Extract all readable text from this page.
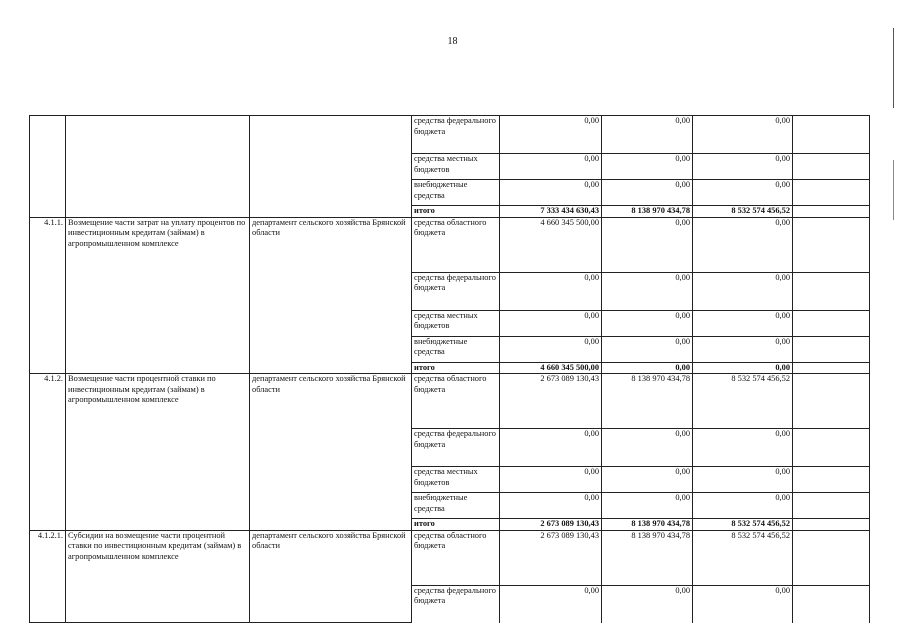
18
			средства федерального бюджета	0,00	0,00	0,00	
			средства местных бюджетов	0,00	0,00	0,00	
			внебюджетные средства	0,00	0,00	0,00	
			итого	7 333 434 630,43	8 138 970 434,78	8 532 574 456,52	
4.1.1.	Возмещение части затрат на уплату процентов по инвестиционным кредитам (займам) в агропромышленном комплексе	департамент сельского хозяйства Брянской области	средства областного бюджета	4 660 345 500,00	0,00	0,00	
			средства федерального бюджета	0,00	0,00	0,00	
			средства местных бюджетов	0,00	0,00	0,00	
			внебюджетные средства	0,00	0,00	0,00	
			итого	4 660 345 500,00	0,00	0,00	
4.1.2.	Возмещение части процентной ставки по инвестиционным кредитам (займам) в агропромышленном комплексе	департамент сельского хозяйства Брянской области	средства областного бюджета	2 673 089 130,43	8 138 970 434,78	8 532 574 456,52	
			средства федерального бюджета	0,00	0,00	0,00	
			средства местных бюджетов	0,00	0,00	0,00	
			внебюджетные средства	0,00	0,00	0,00	
			итого	2 673 089 130,43	8 138 970 434,78	8 532 574 456,52	
4.1.2.1.	Субсидии на возмещение части процентной ставки по инвестиционным кредитам (займам) в агропромышленном комплексе	департамент сельского хозяйства Брянской области	средства областного бюджета	2 673 089 130,43	8 138 970 434,78	8 532 574 456,52	
			средства федерального бюджета	0,00	0,00	0,00	
